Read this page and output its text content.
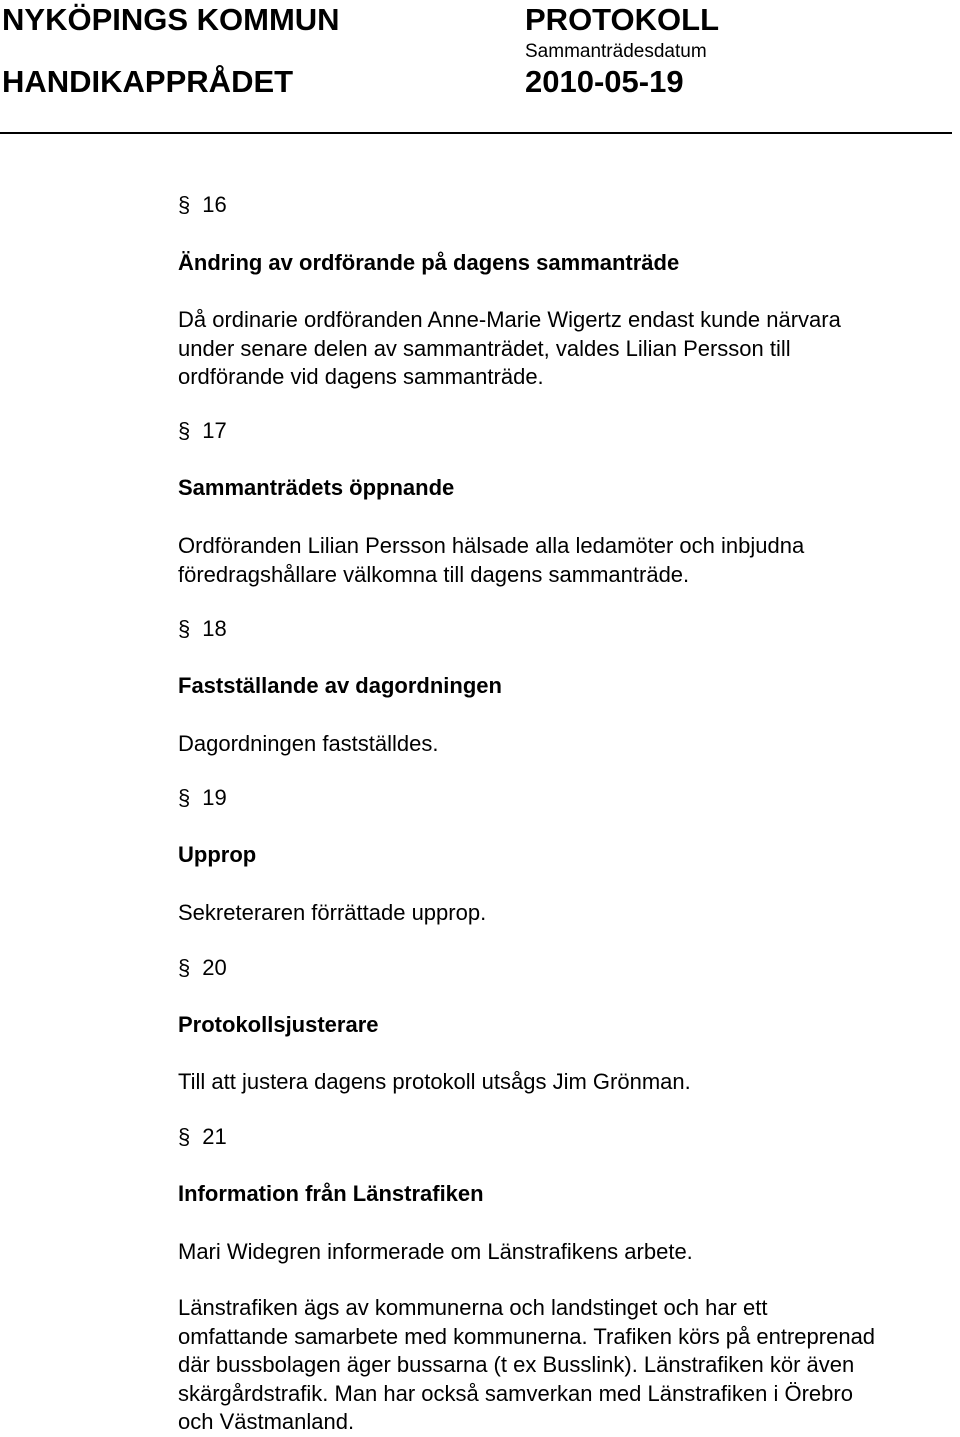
NYKÖPINGS KOMMUN
HANDIKAPPRÅDET
PROTOKOLL
Sammanträdesdatum
2010-05-19
§ 16
Ändring av ordförande på dagens sammanträde
Då ordinarie ordföranden Anne-Marie Wigertz endast kunde närvara
under senare delen av sammanträdet, valdes Lilian Persson till
ordförande vid dagens sammanträde.
§ 17
Sammanträdets öppnande
Ordföranden Lilian Persson hälsade alla ledamöter och inbjudna
föredragshållare välkomna till dagens sammanträde.
§ 18
Fastställande av dagordningen
Dagordningen fastställdes.
§ 19
Upprop
Sekreteraren förrättade upprop.
§ 20
Protokollsjusterare
Till att justera dagens protokoll utsågs Jim Grönman.
§ 21
Information från Länstrafiken
Mari Widegren informerade om Länstrafikens arbete.
Länstrafiken ägs av kommunerna och landstinget och har ett
omfattande samarbete med kommunerna. Trafiken körs på entreprenad
där bussbolagen äger bussarna (t ex Busslink). Länstrafiken kör även
skärgårdstrafik. Man har också samverkan med Länstrafiken i Örebro
och Västmanland.
